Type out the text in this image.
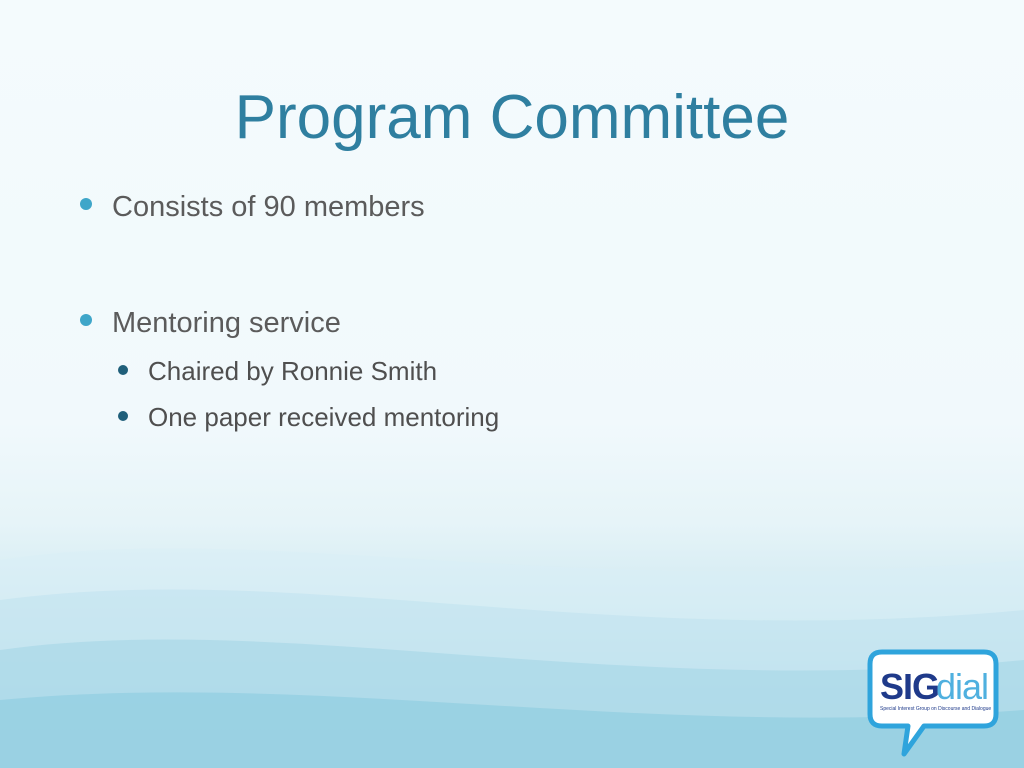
Program Committee
Consists of 90 members
Mentoring service
Chaired by Ronnie Smith
One paper received mentoring
SIG
dial
Special Interest Group on Discourse and Dialogue
